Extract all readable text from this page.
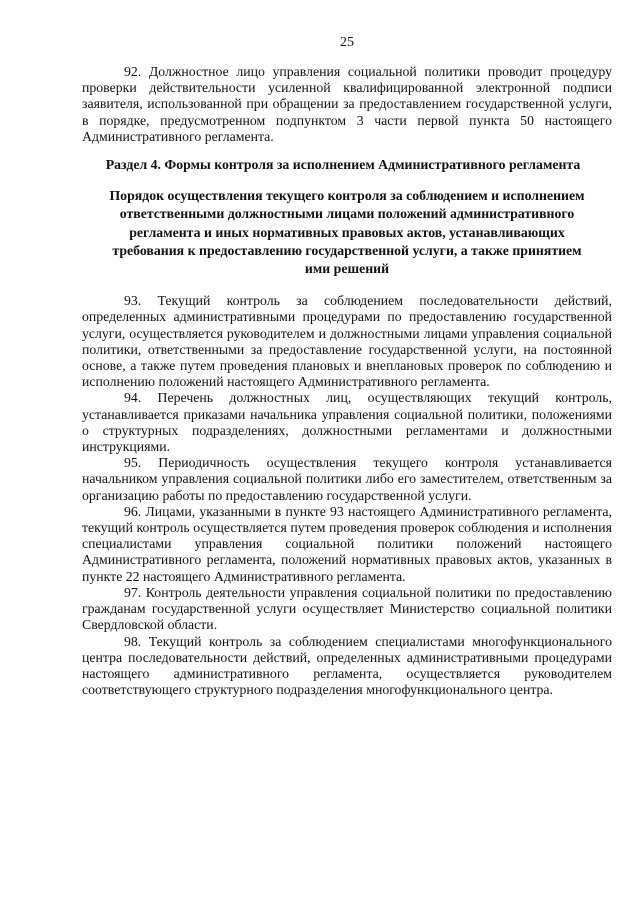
25

92. Должностное лицо управления социальной политики проводит процедуру проверки действительности усиленной квалифицированной электронной подписи заявителя, использованной при обращении за предоставлением государственной услуги, в порядке, предусмотренном подпунктом 3 части первой пункта 50 настоящего Административного регламента.

Раздел 4. Формы контроля за исполнением Административного регламента
Порядок осуществления текущего контроля за соблюдением и исполнением ответственными должностными лицами положений административного регламента и иных нормативных правовых актов, устанавливающих требования к предоставлению государственной услуги, а также принятием ими решений

93. Текущий контроль за соблюдением последовательности действий, определенных административными процедурами по предоставлению государственной услуги, осуществляется руководителем и должностными лицами управления социальной политики, ответственными за предоставление государственной услуги, на постоянной основе, а также путем проведения плановых и внеплановых проверок по соблюдению и исполнению положений настоящего Административного регламента.

94. Перечень должностных лиц, осуществляющих текущий контроль, устанавливается приказами начальника управления социальной политики, положениями о структурных подразделениях, должностными регламентами и должностными инструкциями.

95. Периодичность осуществления текущего контроля устанавливается начальником управления социальной политики либо его заместителем, ответственным за организацию работы по предоставлению государственной услуги.

96. Лицами, указанными в пункте 93 настоящего Административного регламента, текущий контроль осуществляется путем проведения проверок соблюдения и исполнения специалистами управления социальной политики положений настоящего Административного регламента, положений нормативных правовых актов, указанных в пункте 22 настоящего Административного регламента.

97. Контроль деятельности управления социальной политики по предоставлению гражданам государственной услуги осуществляет Министерство социальной политики Свердловской области.

98. Текущий контроль за соблюдением специалистами многофункционального центра последовательности действий, определенных административными процедурами настоящего административного регламента, осуществляется руководителем соответствующего структурного подразделения многофункционального центра.
